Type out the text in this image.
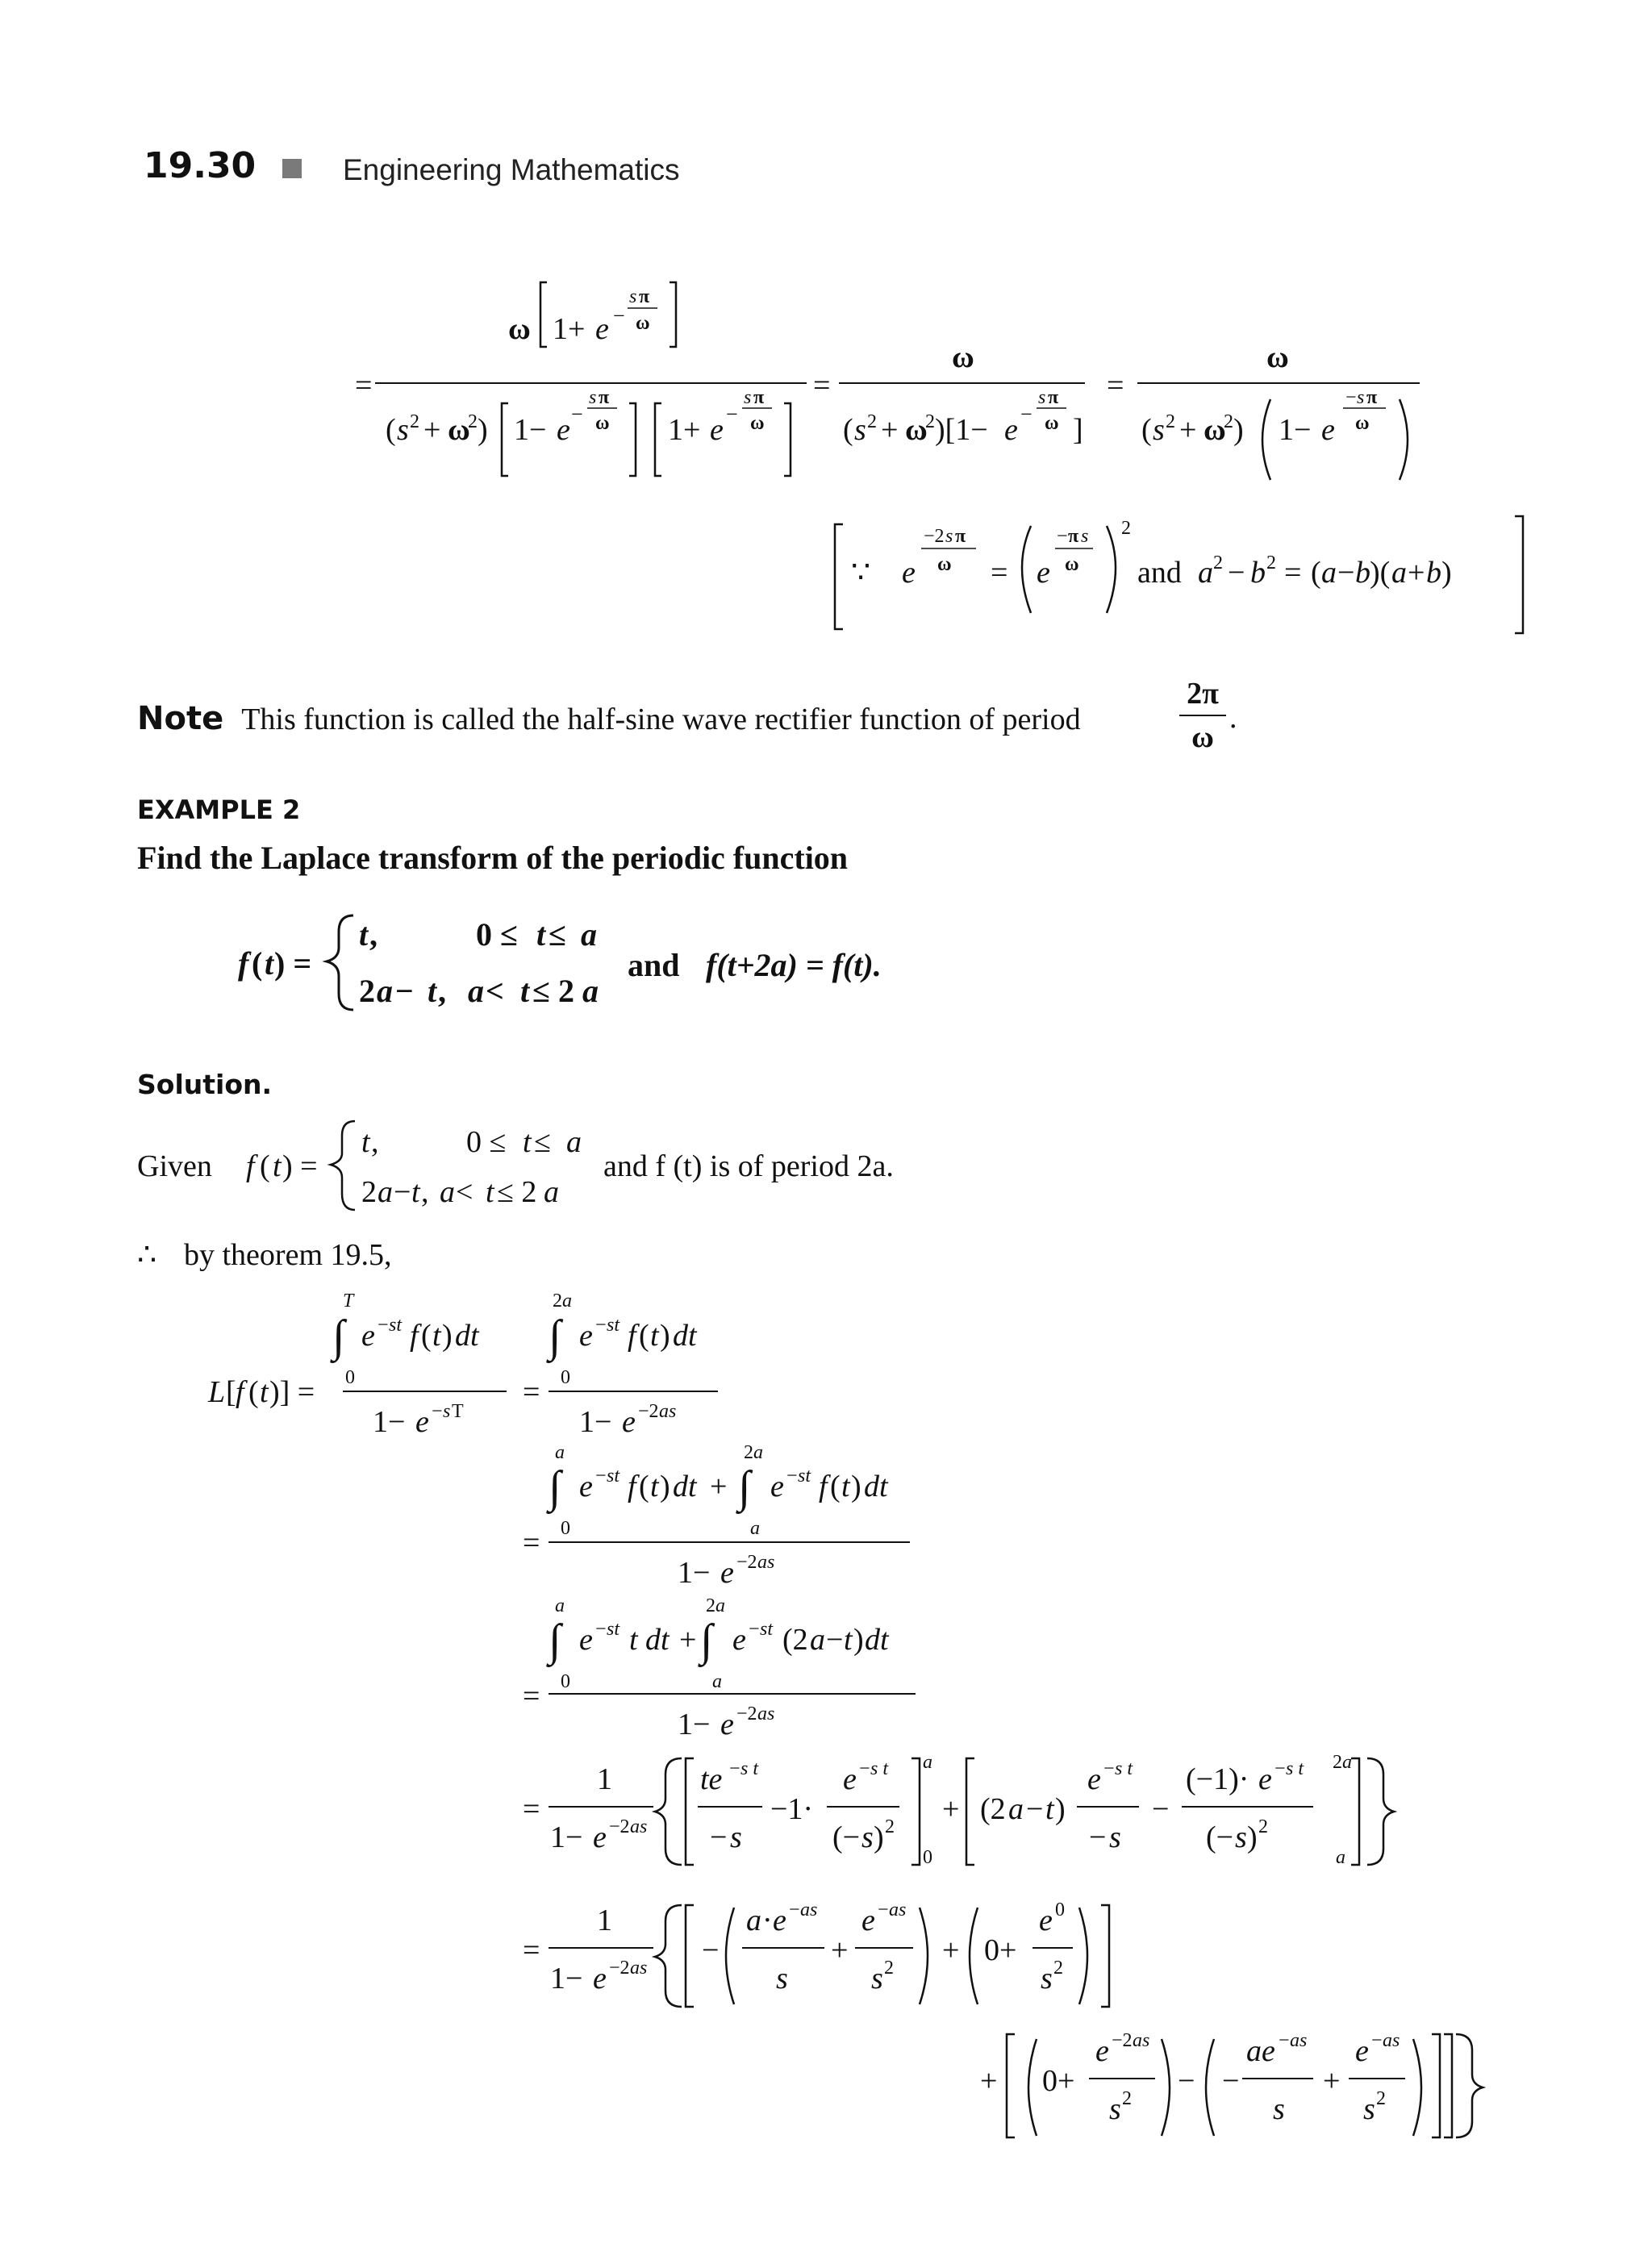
19.30	Engineering Mathematics
=
ω 1+ e −
s π
ω
( s 2 + ω
2 ) 1− e −
s π
ω 1+ e −
s π
ω
=
ω
( s 2 + ω
2 )[1− e −
s π
ω ]
=
ω
( s 2 + ω
2 ) 1− e
− s π
ω
∵ e
−2 s π
ω = e
− π s
ω
2
and a 2 − b 2 = ( a − b )( a + b )
Note This function is called the half-sine wave rectifier function of period
2π
ω
.
EXAMPLE 2
Find the Laplace transform of the periodic function
f ( t ) =
t ,	0 ≤ t ≤ a
2 a − t , a < t ≤ 2 a
and f(t+2a) = f(t).
Solution.
Given f ( t ) =
t ,	0 ≤ t ≤ a
2 a − t , a < t ≤ 2 a
and f (t) is of period 2a.
∴ by theorem 19.5,
L [ f ( t )] =
T
∫
0
e − st f ( t ) dt
1− e − s T
=
2 a
∫
0
e − st f ( t ) dt
1− e −2 as
=
a
∫
0
e − st f ( t ) dt +
2 a
∫
a
e − st f ( t ) dt
1− e −2 as
=
a
∫
0
e − st t dt +
2 a
∫
a
e − st (2 a − t ) dt
1− e −2 as
=
1
1− e −2 as
te − s t
− s
−1·
e − s t
(− s ) 2
a
0
+ (2 a − t )
e − s t
− s
−
(−1)· e − s t
(− s ) 2
2 a
a
=
1
1− e −2 as
−
a · e − as
s
+
e − as
s 2
+ 0+
e 0
s 2
+ 0+
e −2 as
s 2
− −
ae − as
s
+
e − as
s 2
